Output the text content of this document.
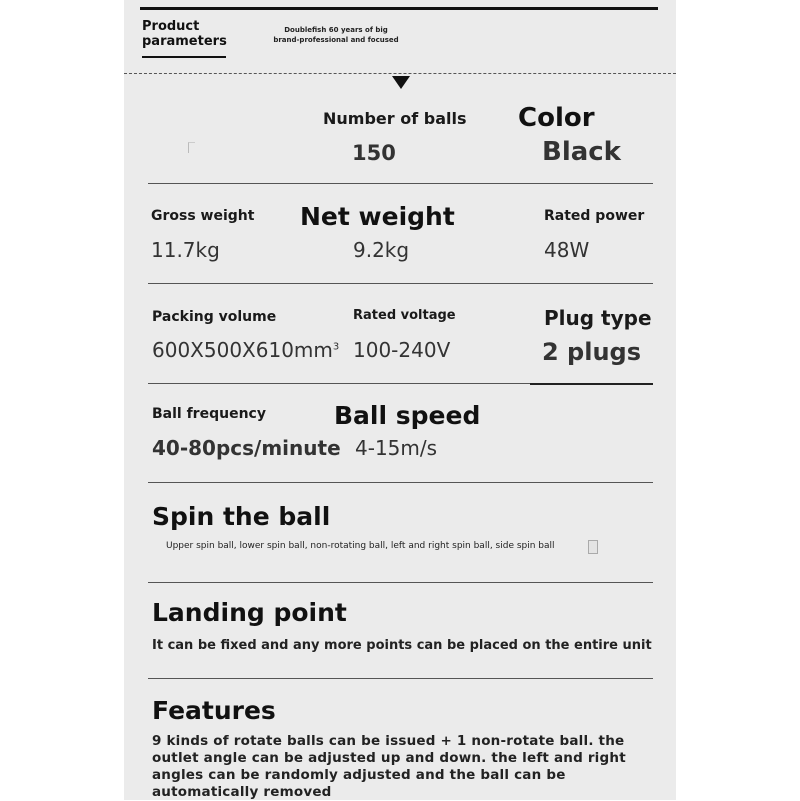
Product parameters
Doublefish 60 years of big brand-professional and focused
Number of balls
150
Color
Black
Gross weight
11.7kg
Net weight
9.2kg
Rated power
48W
Packing volume
$600X500X610mm^3$
Rated voltage
100-240V
Plug type
2 plugs
Ball frequency
40-80pcs/minute
Ball speed
4-15m/s
Spin the ball
Upper spin ball, lower spin ball, non-rotating ball, left and right spin ball, side spin ball
Landing point
It can be fixed and any more points can be placed on the entire unit
Features
9 kinds of rotate balls can be issued + 1 non-rotate ball. the outlet angle can be adjusted up and down. the left and right angles can be randomly adjusted and the ball can be automatically removed
